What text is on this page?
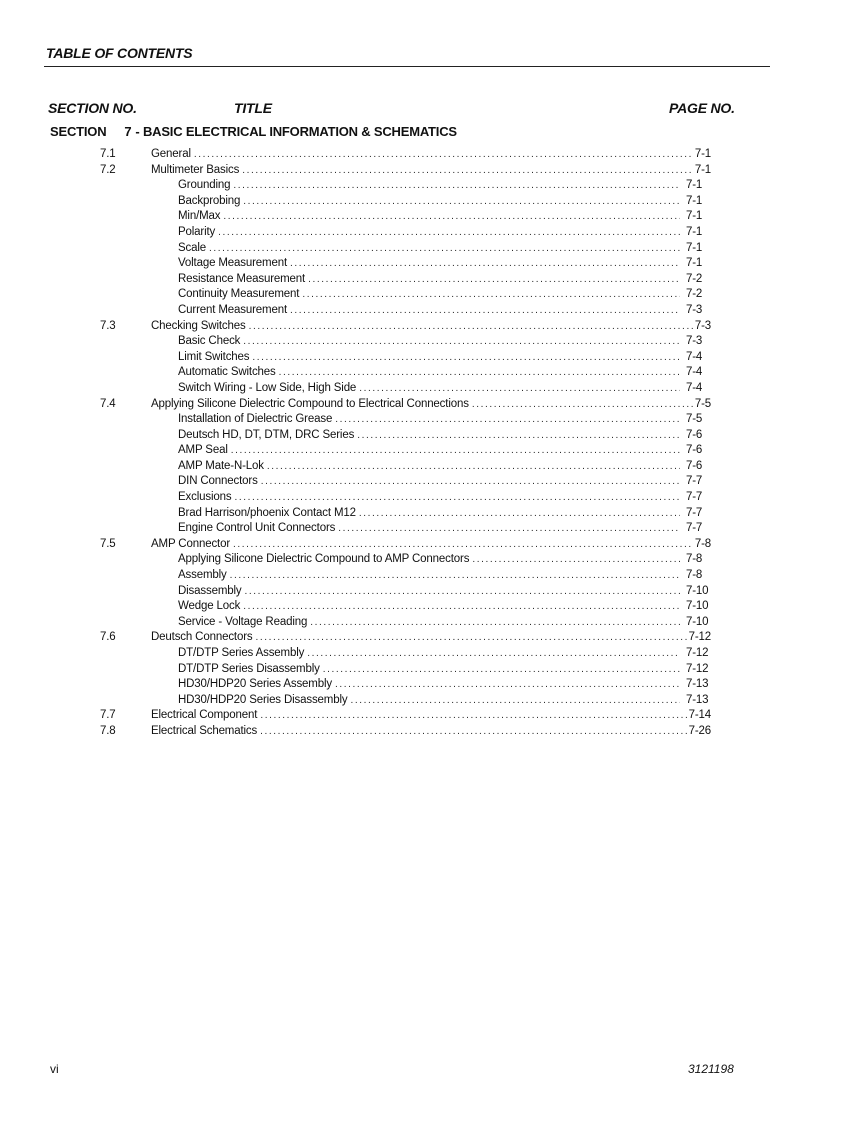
TABLE OF CONTENTS
SECTION NO.	TITLE	PAGE NO.
SECTION 7 - BASIC ELECTRICAL INFORMATION & SCHEMATICS
7.1	General .....	7-1
7.2	Multimeter Basics .....	7-1
Grounding .....	7-1
Backprobing .....	7-1
Min/Max .....	7-1
Polarity .....	7-1
Scale .....	7-1
Voltage Measurement .....	7-1
Resistance Measurement .....	7-2
Continuity Measurement .....	7-2
Current Measurement .....	7-3
7.3	Checking Switches .....	7-3
Basic Check .....	7-3
Limit Switches .....	7-4
Automatic Switches .....	7-4
Switch Wiring - Low Side, High Side .....	7-4
7.4	Applying Silicone Dielectric Compound to Electrical Connections .....	7-5
Installation of Dielectric Grease .....	7-5
Deutsch HD, DT, DTM, DRC Series .....	7-6
AMP Seal .....	7-6
AMP Mate-N-Lok .....	7-6
DIN Connectors .....	7-7
Exclusions .....	7-7
Brad Harrison/phoenix Contact M12 .....	7-7
Engine Control Unit Connectors .....	7-7
7.5	AMP Connector .....	7-8
Applying Silicone Dielectric Compound to AMP Connectors .....	7-8
Assembly .....	7-8
Disassembly .....	7-10
Wedge Lock .....	7-10
Service - Voltage Reading .....	7-10
7.6	Deutsch Connectors .....	7-12
DT/DTP Series Assembly .....	7-12
DT/DTP Series Disassembly .....	7-12
HD30/HDP20 Series Assembly .....	7-13
HD30/HDP20 Series Disassembly .....	7-13
7.7	Electrical Component .....	7-14
7.8	Electrical Schematics .....	7-26
vi	3121198
